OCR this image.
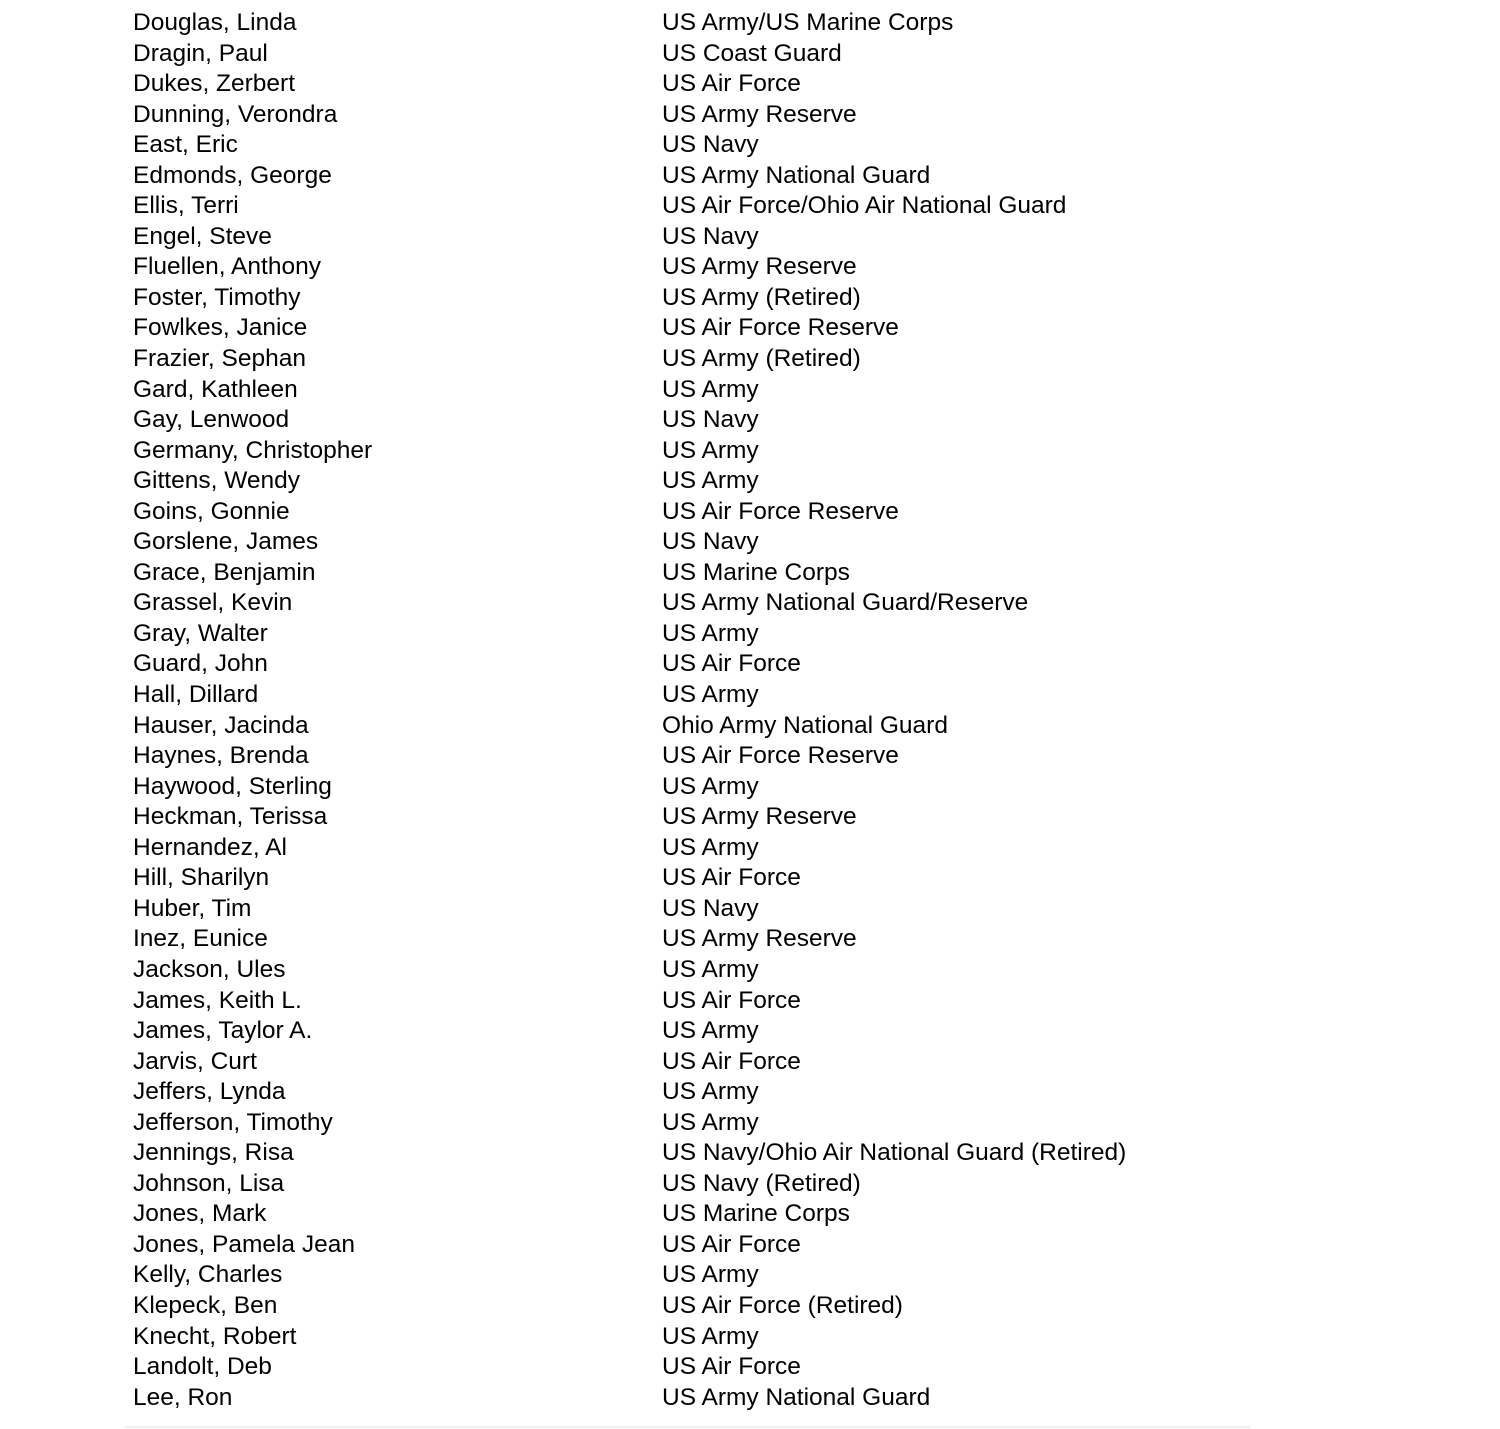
Douglas, Linda	US Army/US Marine Corps
Dragin, Paul	US Coast Guard
Dukes, Zerbert	US Air Force
Dunning, Verondra	US Army Reserve
East, Eric	US Navy
Edmonds, George	US Army National Guard
Ellis, Terri	US Air Force/Ohio Air National Guard
Engel, Steve	US Navy
Fluellen, Anthony	US Army Reserve
Foster, Timothy	US Army (Retired)
Fowlkes, Janice	US Air Force Reserve
Frazier, Sephan	US Army (Retired)
Gard, Kathleen	US Army
Gay, Lenwood	US Navy
Germany, Christopher	US Army
Gittens, Wendy	US Army
Goins, Gonnie	US Air Force Reserve
Gorslene, James	US Navy
Grace, Benjamin	US Marine Corps
Grassel, Kevin	US Army National Guard/Reserve
Gray, Walter	US Army
Guard, John	US Air Force
Hall, Dillard	US Army
Hauser, Jacinda	Ohio Army National Guard
Haynes, Brenda	US Air Force Reserve
Haywood, Sterling	US Army
Heckman, Terissa	US Army Reserve
Hernandez, Al	US Army
Hill, Sharilyn	US Air Force
Huber, Tim	US Navy
Inez, Eunice	US Army Reserve
Jackson, Ules	US Army
James, Keith L.	US Air Force
James, Taylor A.	US Army
Jarvis, Curt	US Air Force
Jeffers, Lynda	US Army
Jefferson, Timothy	US Army
Jennings, Risa	US Navy/Ohio Air National Guard (Retired)
Johnson, Lisa	US Navy (Retired)
Jones, Mark	US Marine Corps
Jones, Pamela Jean	US Air Force
Kelly, Charles	US Army
Klepeck, Ben	US Air Force (Retired)
Knecht, Robert	US Army
Landolt, Deb	US Air Force
Lee, Ron	US Army National Guard
